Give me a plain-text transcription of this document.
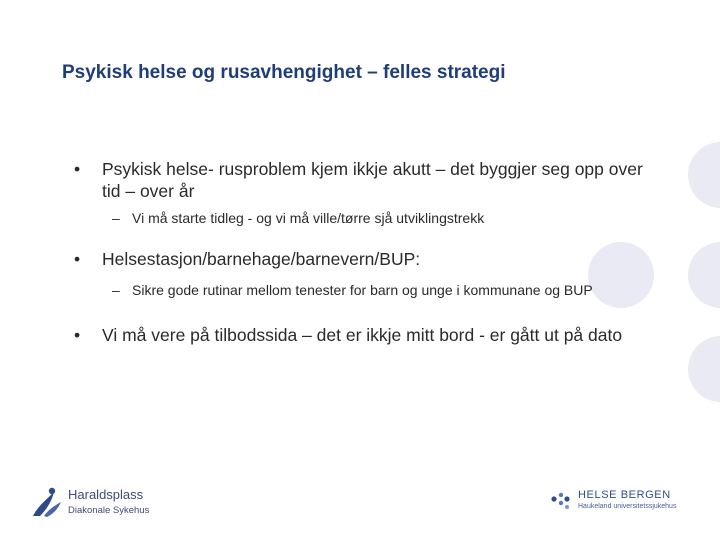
Psykisk helse og rusavhengighet – felles strategi
• Psykisk helse- rusproblem kjem ikkje akutt – det byggjer seg opp over tid – over år
– Vi må starte tidleg - og vi må ville/tørre sjå utviklingstrekk
• Helsestasjon/barnehage/barnevern/BUP:
– Sikre gode rutinar mellom tenester for barn og unge i kommunane og BUP
• Vi må vere på tilbodssida – det er ikkje mitt bord - er gått ut på dato
Haraldsplass
Diakonale Sykehus
HELSE BERGEN
Haukeland universitetssjukehus
